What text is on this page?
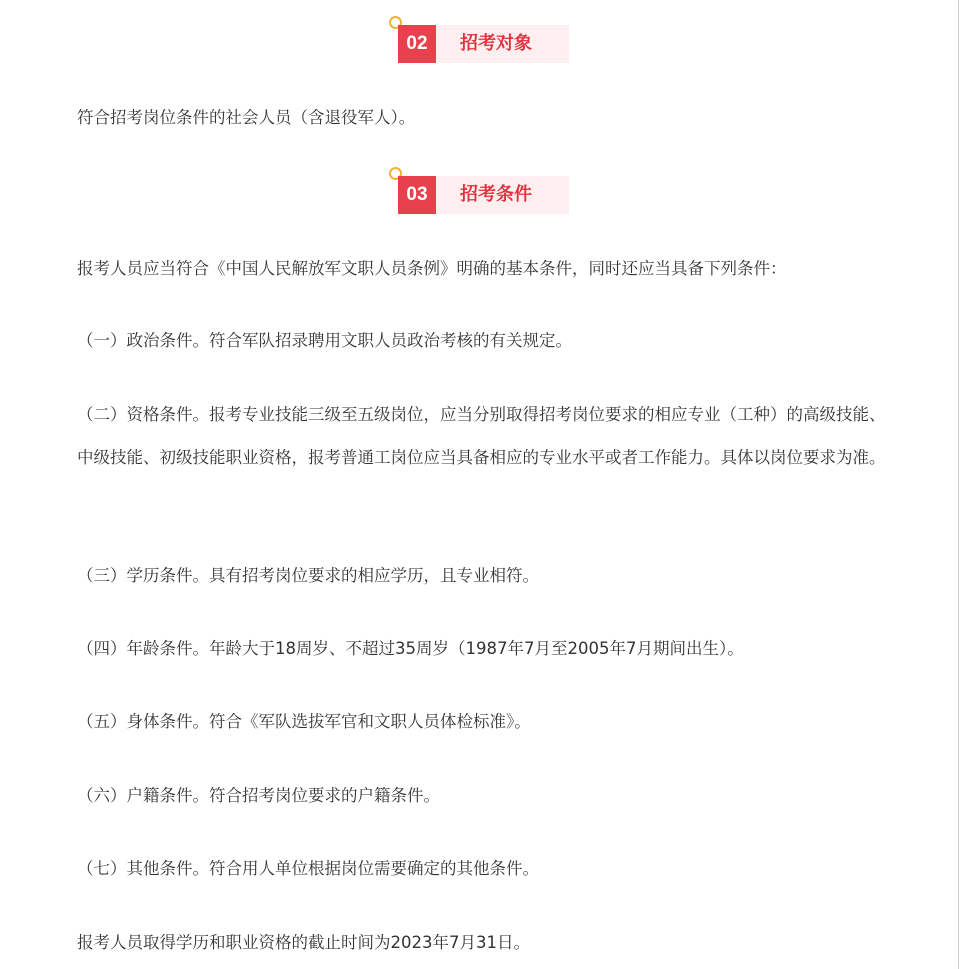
02	招考对象

符合招考岗位条件的社会人员（含退役军人）。

03	招考条件

报考人员应当符合《中国人民解放军文职人员条例》明确的基本条件，同时还应当具备下列条件：

（一）政治条件。符合军队招录聘用文职人员政治考核的有关规定。

（二）资格条件。报考专业技能三级至五级岗位，应当分别取得招考岗位要求的相应专业（工种）的高级技能、中级技能、初级技能职业资格，报考普通工岗位应当具备相应的专业水平或者工作能力。具体以岗位要求为准。

（三）学历条件。具有招考岗位要求的相应学历，且专业相符。

（四）年龄条件。年龄大于18周岁、不超过35周岁（1987年7月至2005年7月期间出生）。

（五）身体条件。符合《军队选拔军官和文职人员体检标准》。

（六）户籍条件。符合招考岗位要求的户籍条件。

（七）其他条件。符合用人单位根据岗位需要确定的其他条件。

报考人员取得学历和职业资格的截止时间为2023年7月31日。
